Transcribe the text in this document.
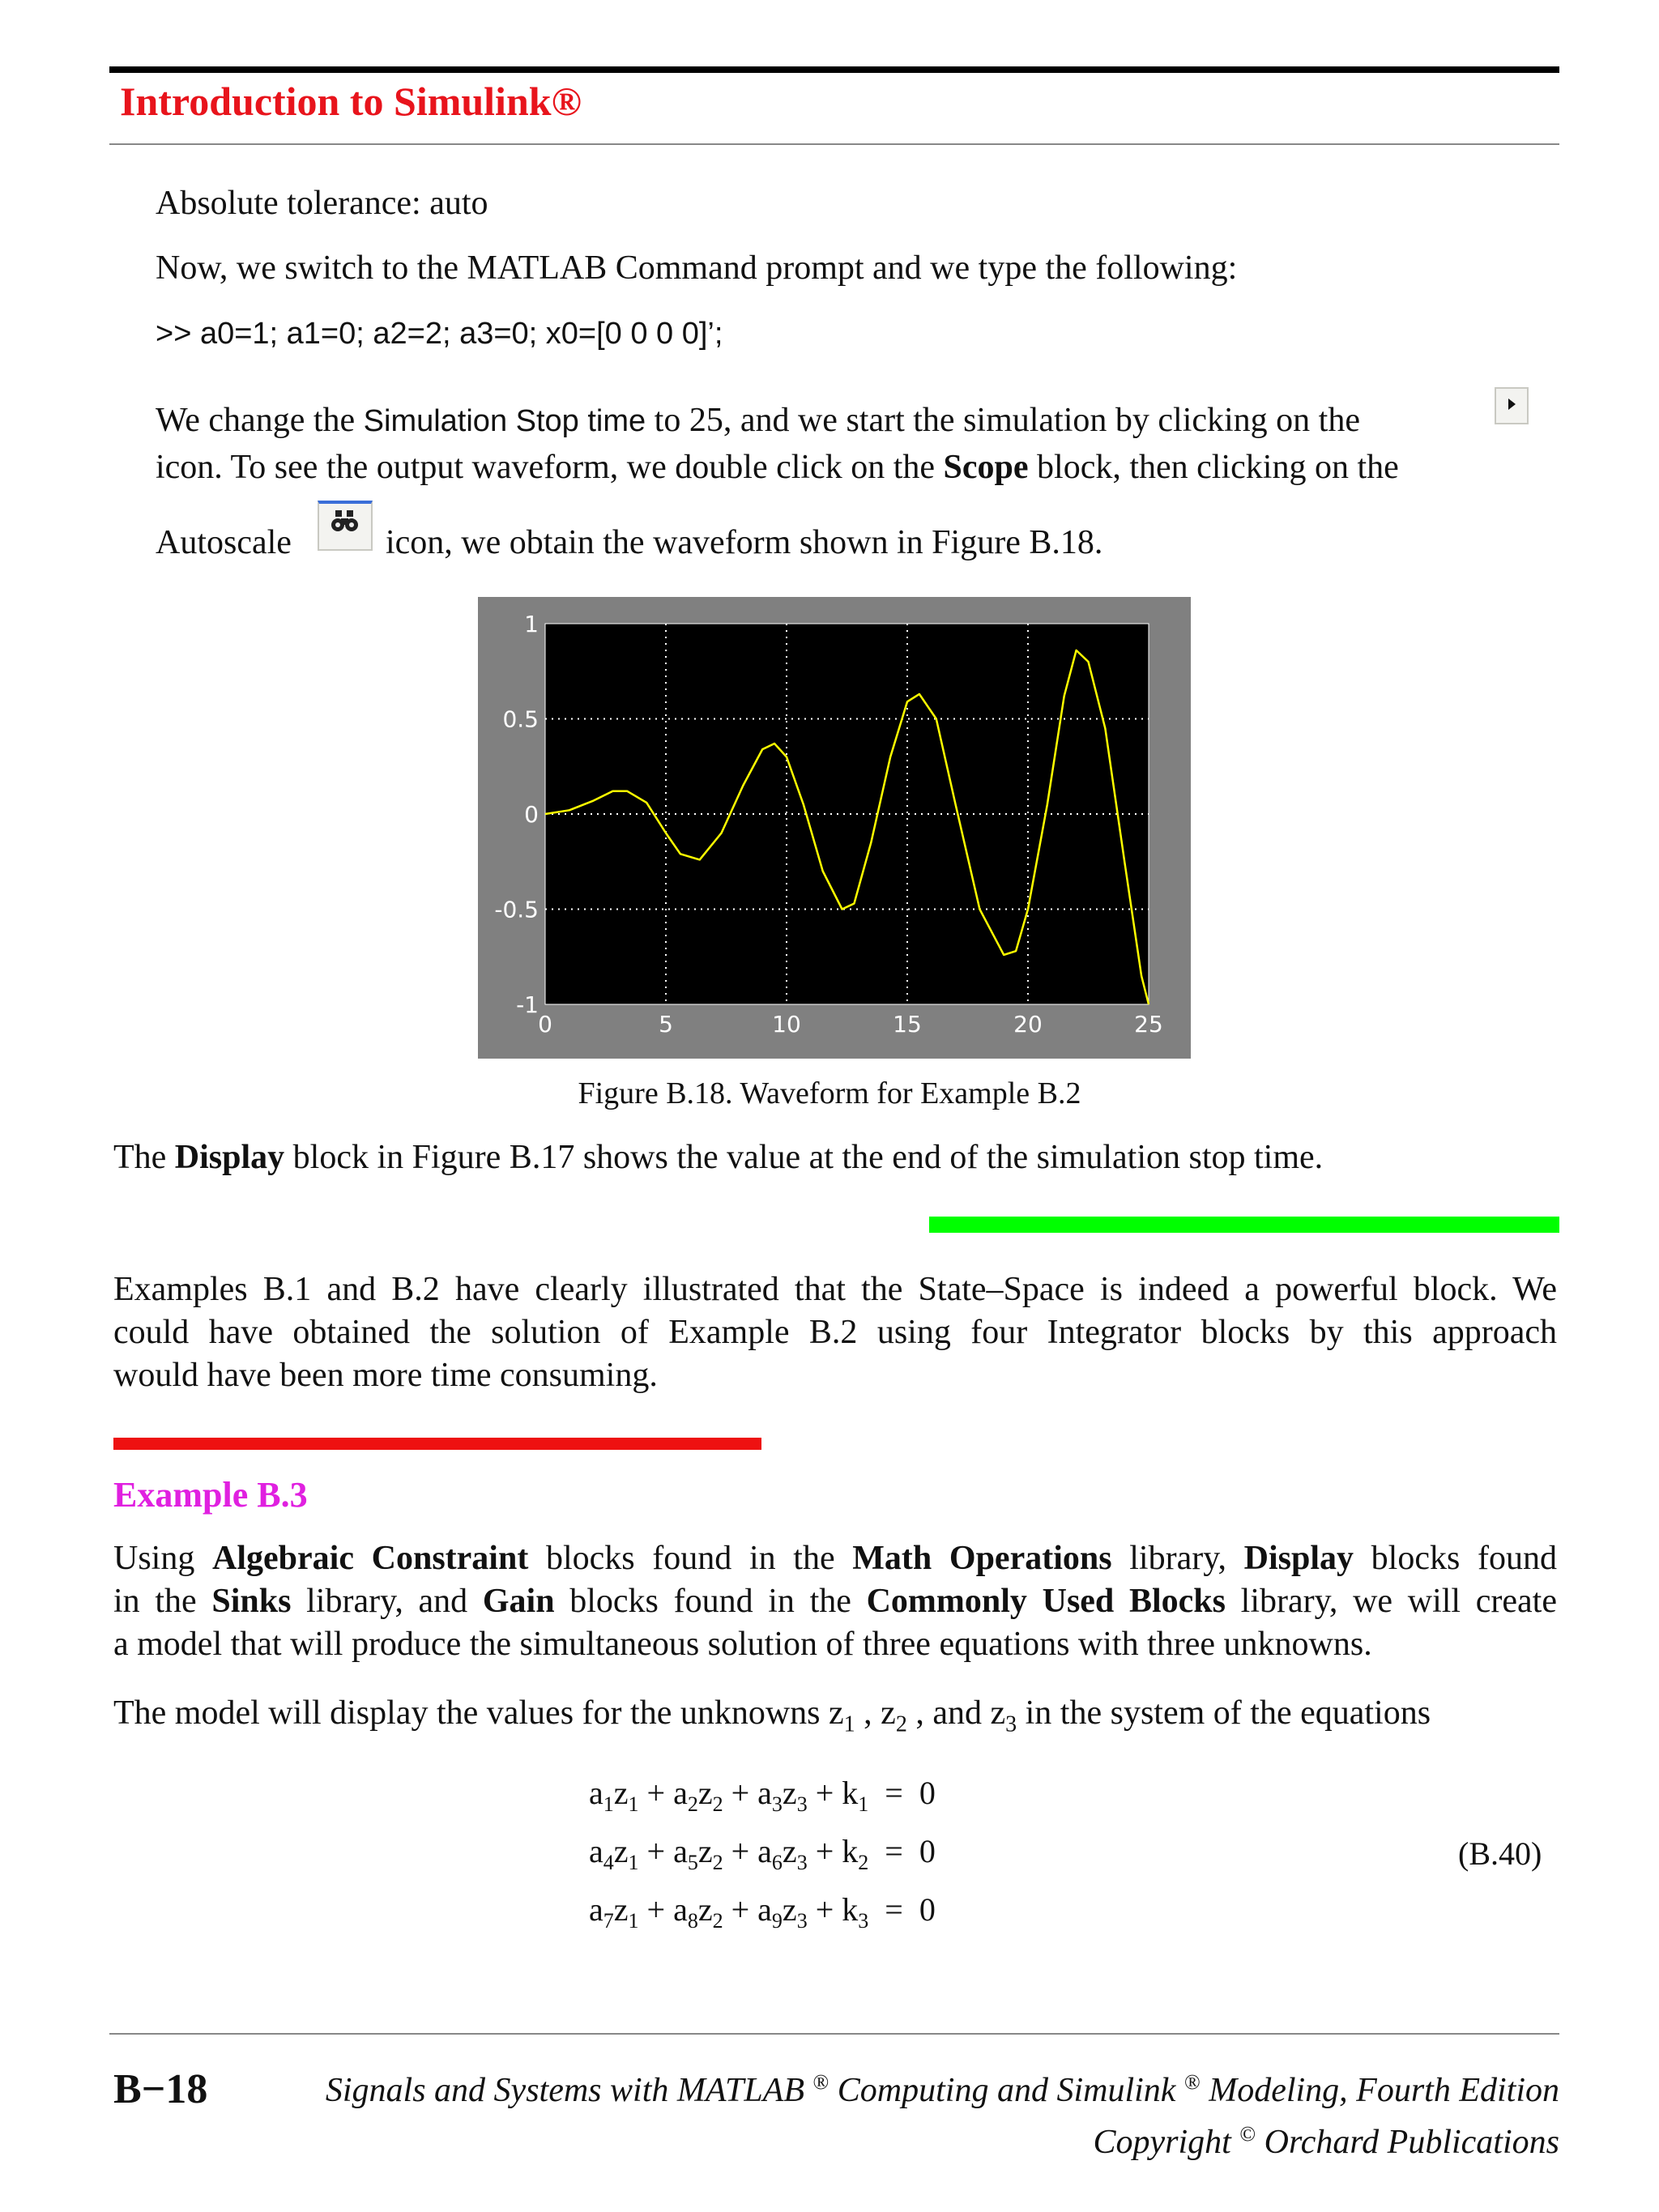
Introduction to Simulink®
Absolute tolerance: auto
Now, we switch to the MATLAB Command prompt and we type the following:
>> a0=1; a1=0; a2=2; a3=0; x0=[0 0 0 0]’;
We change the Simulation Stop time to 25, and we start the simulation by clicking on the
icon. To see the output waveform, we double click on the Scope block, then clicking on the
Autoscale	icon, we obtain the waveform shown in Figure B.18.
1
0.5
0
-0.5
-1
0	5	10	15	20	25
Figure B.18. Waveform for Example B.2
The Display block in Figure B.17 shows the value at the end of the simulation stop time.
Examples B.1 and B.2 have clearly illustrated that the State–Space is indeed a powerful block. We
could have obtained the solution of Example B.2 using four Integrator blocks by this approach
would have been more time consuming.
Example B.3
Using Algebraic Constraint blocks found in the Math Operations library, Display blocks found
in the Sinks library, and Gain blocks found in the Commonly Used Blocks library, we will create
a model that will produce the simultaneous solution of three equations with three unknowns.
The model will display the values for the unknowns $z_1$ , $z_2$ , and $z_3$ in the system of the equations
$a_1z_1 + a_2z_2 + a_3z_3 + k_1 = 0$
$a_4z_1 + a_5z_2 + a_6z_3 + k_2 = 0$
$a_7z_1 + a_8z_2 + a_9z_3 + k_3 = 0$
(B.40)
B−18	Signals and Systems with MATLAB ® Computing and Simulink ® Modeling, Fourth Edition
Copyright © Orchard Publications
